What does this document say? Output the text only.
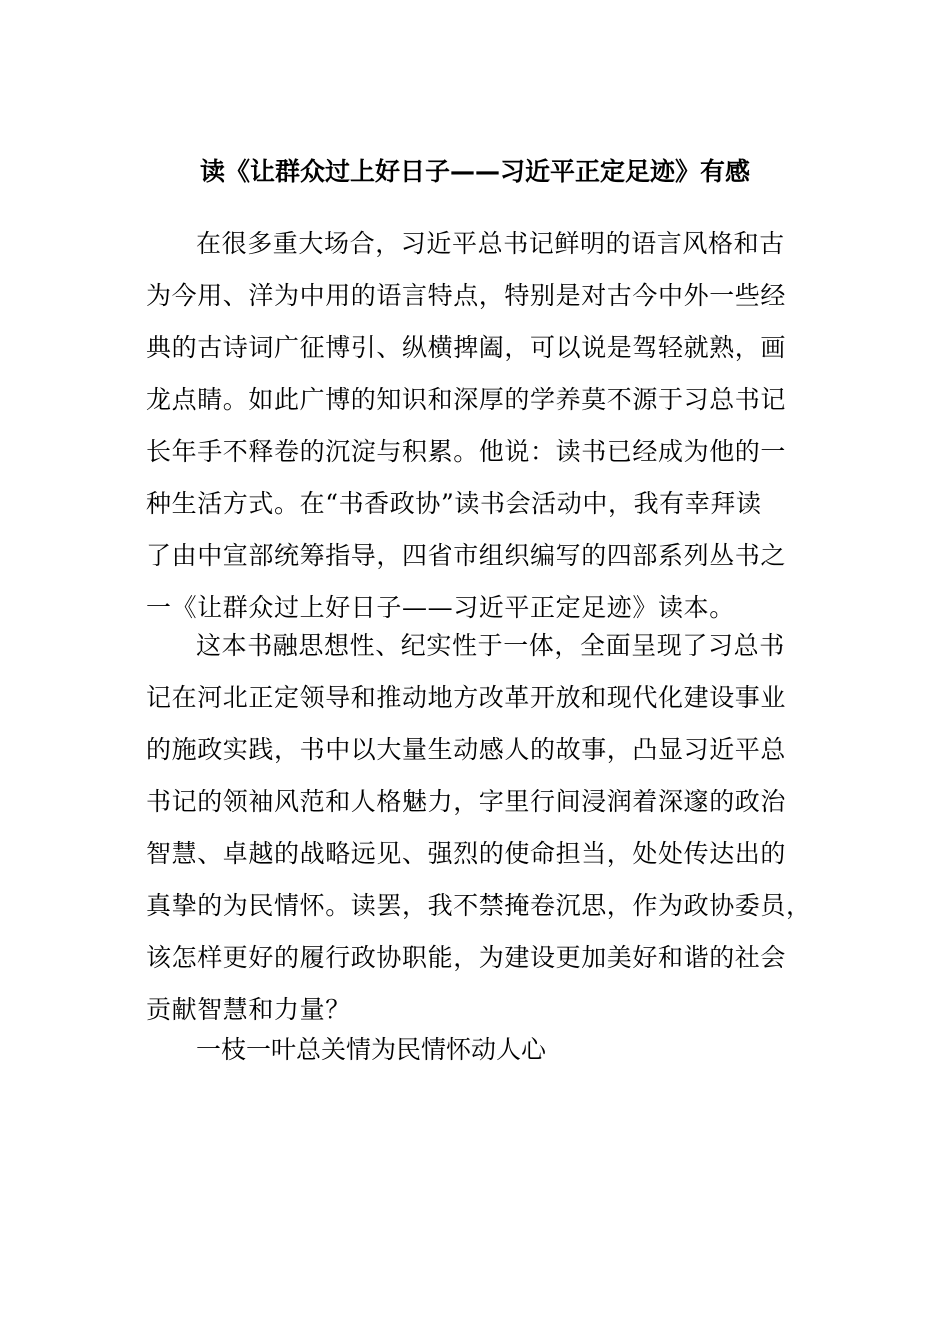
读《让群众过上好日子——习近平正定足迹》有感
在很多重大场合，习近平总书记鲜明的语言风格和古
为今用、洋为中用的语言特点，特别是对古今中外一些经
典的古诗词广征博引、纵横捭阖，可以说是驾轻就熟，画
龙点睛。如此广博的知识和深厚的学养莫不源于习总书记
长年手不释卷的沉淀与积累。他说：读书已经成为他的一
种生活方式。在“书香政协”读书会活动中，我有幸拜读
了由中宣部统筹指导，四省市组织编写的四部系列丛书之
一《让群众过上好日子——习近平正定足迹》读本。
这本书融思想性、纪实性于一体，全面呈现了习总书
记在河北正定领导和推动地方改革开放和现代化建设事业
的施政实践，书中以大量生动感人的故事，凸显习近平总
书记的领袖风范和人格魅力，字里行间浸润着深邃的政治
智慧、卓越的战略远见、强烈的使命担当，处处传达出的
真挚的为民情怀。读罢，我不禁掩卷沉思，作为政协委员，
该怎样更好的履行政协职能，为建设更加美好和谐的社会
贡献智慧和力量？
一枝一叶总关情为民情怀动人心
